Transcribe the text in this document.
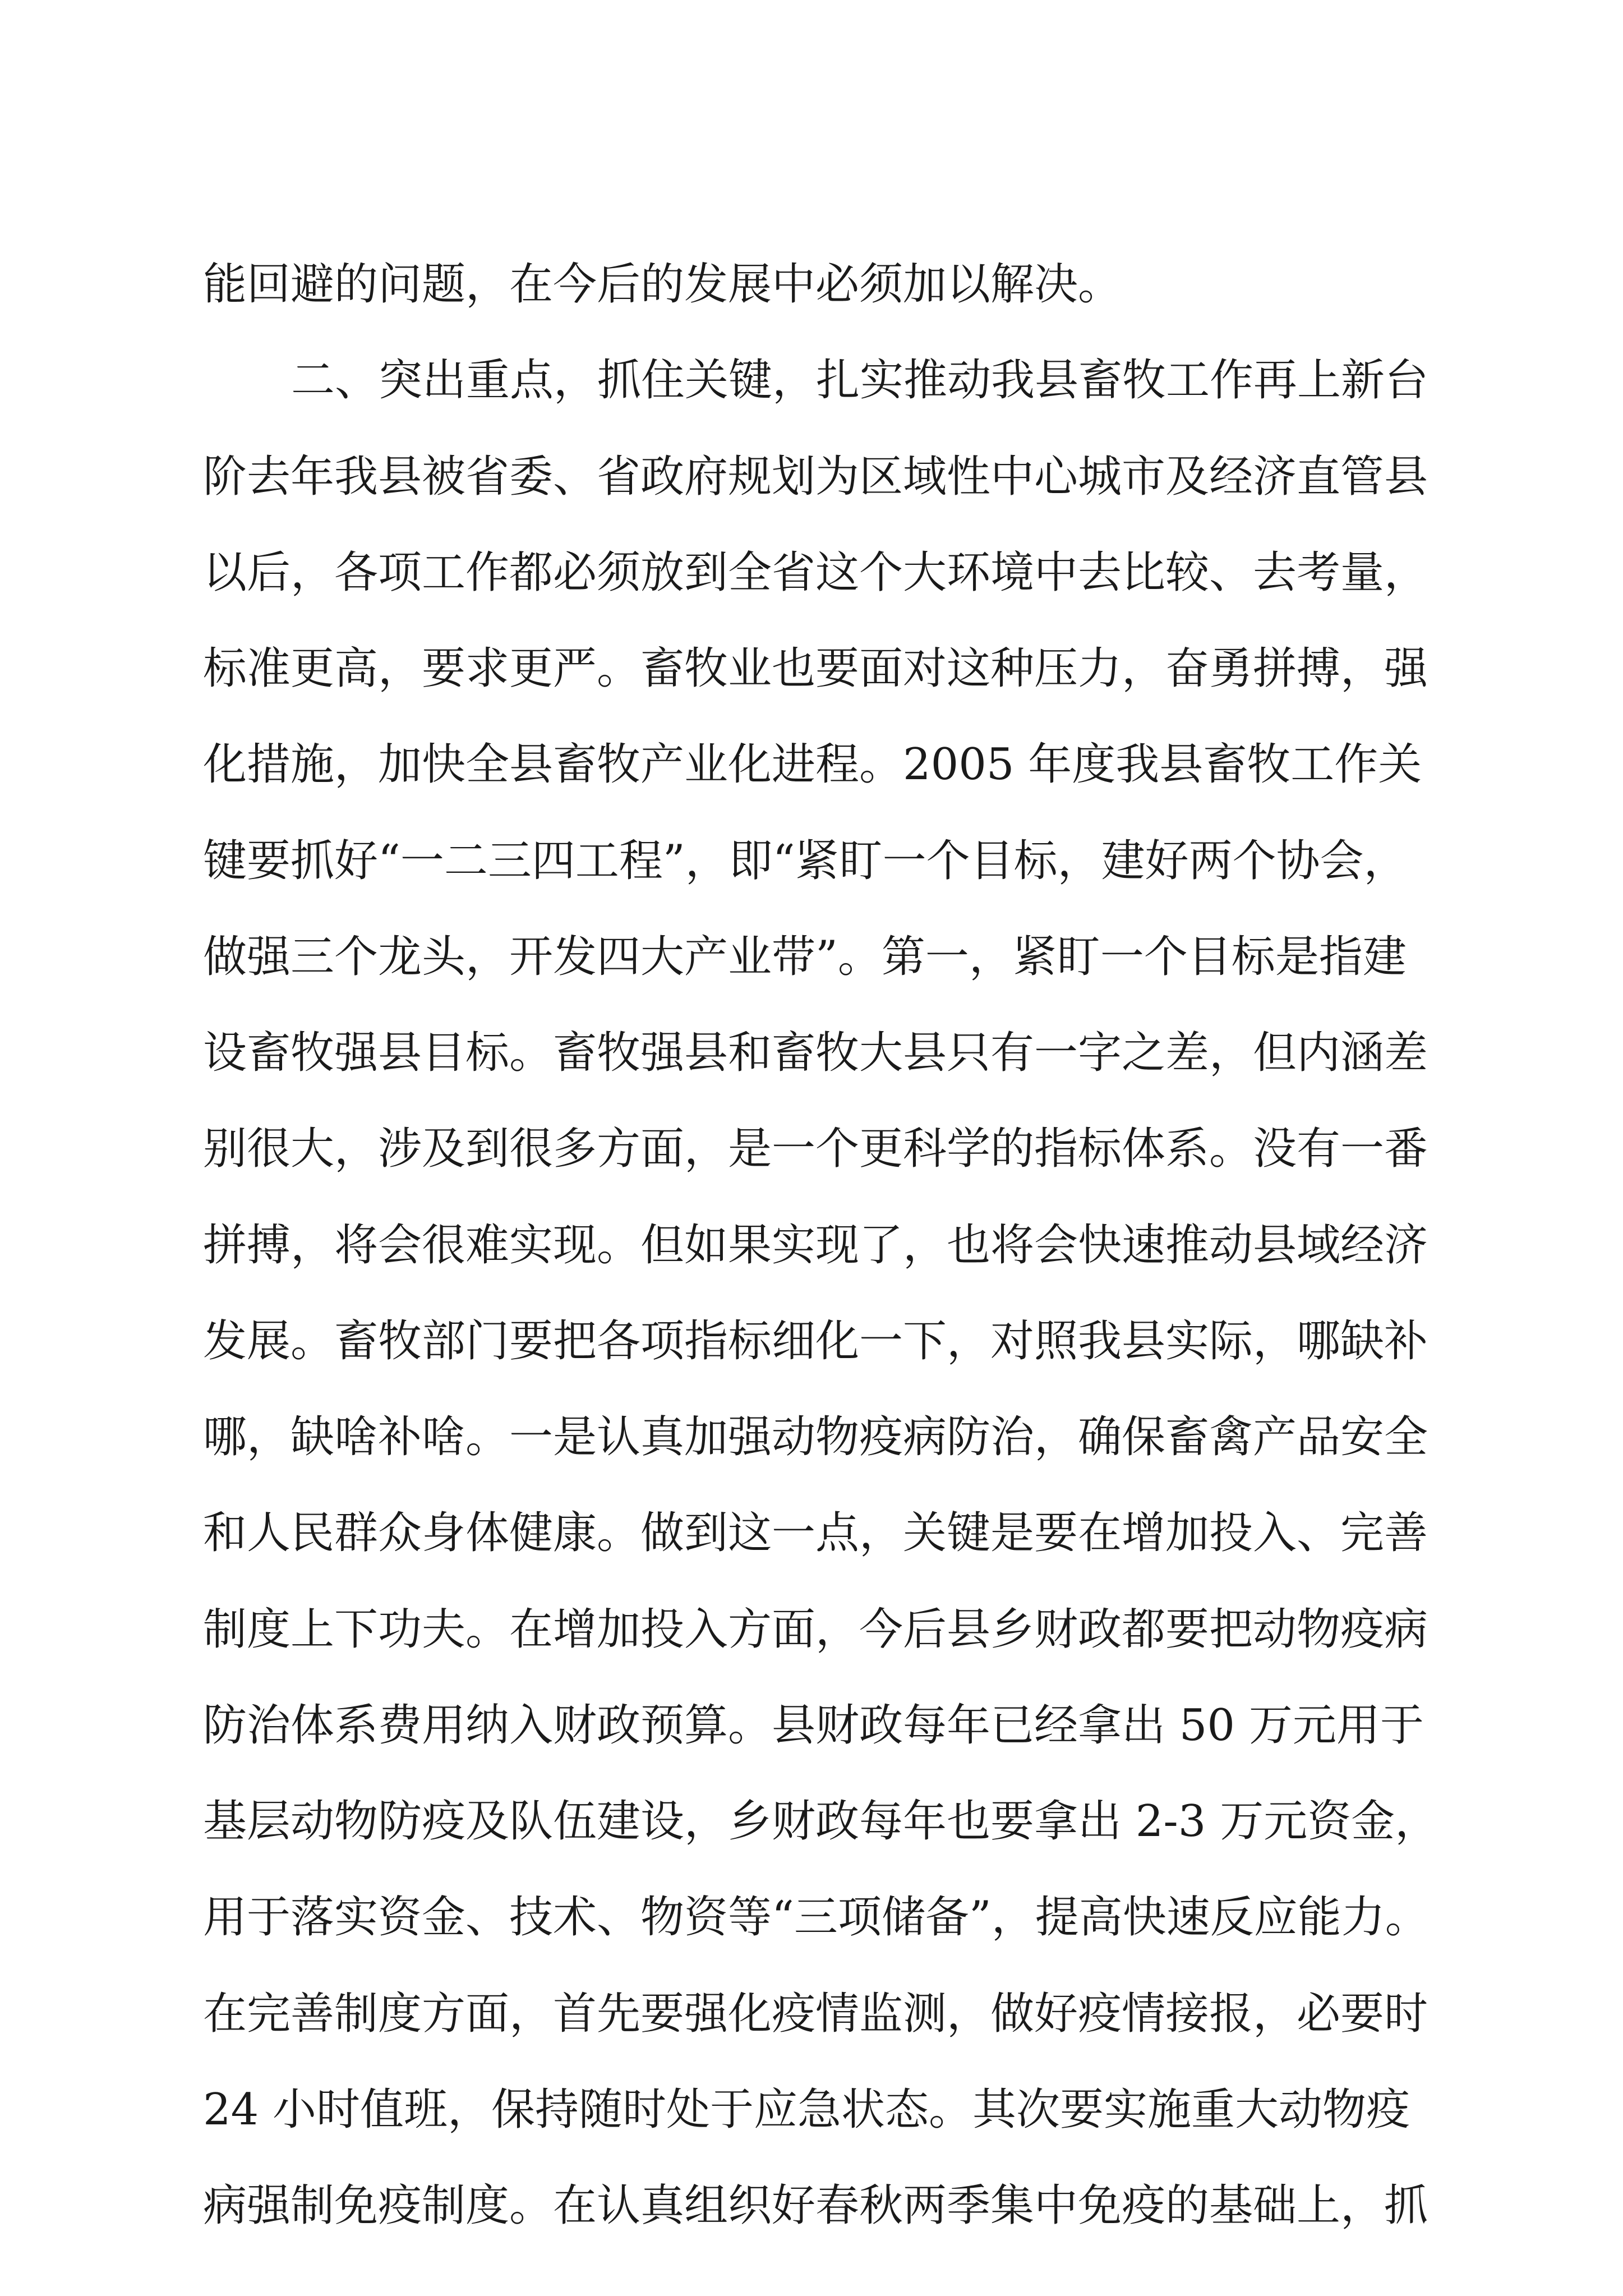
能回避的问题，在今后的发展中必须加以解决。

二、突出重点，抓住关键，扎实推动我县畜牧工作再上新台

阶去年我县被省委、省政府规划为区域性中心城市及经济直管县

以后，各项工作都必须放到全省这个大环境中去比较、去考量，

标准更高，要求更严。畜牧业也要面对这种压力，奋勇拼搏，强

化措施，加快全县畜牧产业化进程。2005 年度我县畜牧工作关

键要抓好“一二三四工程”，即“紧盯一个目标，建好两个协会，

做强三个龙头，开发四大产业带”。第一，紧盯一个目标是指建

设畜牧强县目标。畜牧强县和畜牧大县只有一字之差，但内涵差

别很大，涉及到很多方面，是一个更科学的指标体系。没有一番

拼搏，将会很难实现。但如果实现了，也将会快速推动县域经济

发展。畜牧部门要把各项指标细化一下，对照我县实际，哪缺补

哪，缺啥补啥。一是认真加强动物疫病防治，确保畜禽产品安全

和人民群众身体健康。做到这一点，关键是要在增加投入、完善

制度上下功夫。在增加投入方面，今后县乡财政都要把动物疫病

防治体系费用纳入财政预算。县财政每年已经拿出 50 万元用于

基层动物防疫及队伍建设，乡财政每年也要拿出 2-3 万元资金，

用于落实资金、技术、物资等“三项储备”，提高快速反应能力。

在完善制度方面，首先要强化疫情监测，做好疫情接报，必要时

24 小时值班，保持随时处于应急状态。其次要实施重大动物疫

病强制免疫制度。在认真组织好春秋两季集中免疫的基础上，抓
